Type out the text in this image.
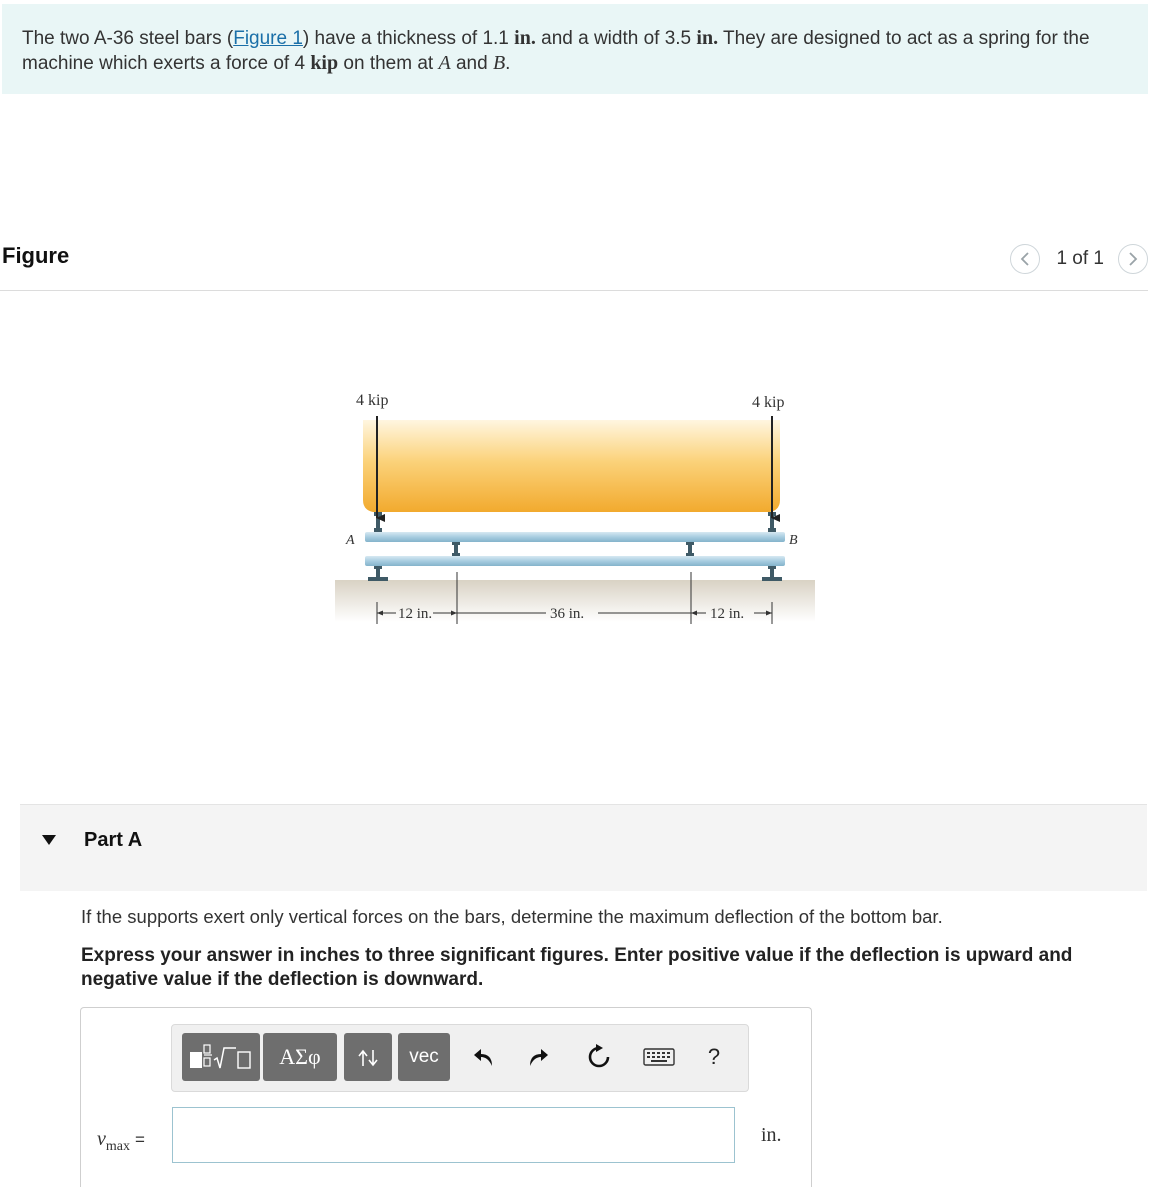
The two A-36 steel bars (Figure 1) have a thickness of 1.1 in. and a width of 3.5 in. They are designed to act as a spring for the machine which exerts a force of 4 kip on them at A and B.
Figure	1 of 1
4 kip	4 kip
A	B
12 in.	36 in.	12 in.
Part A
If the supports exert only vertical forces on the bars, determine the maximum deflection of the bottom bar.
Express your answer in inches to three significant figures. Enter positive value if the deflection is upward and negative value if the deflection is downward.
ΑΣφ	vec	?
$v_{max}$ =	in.
